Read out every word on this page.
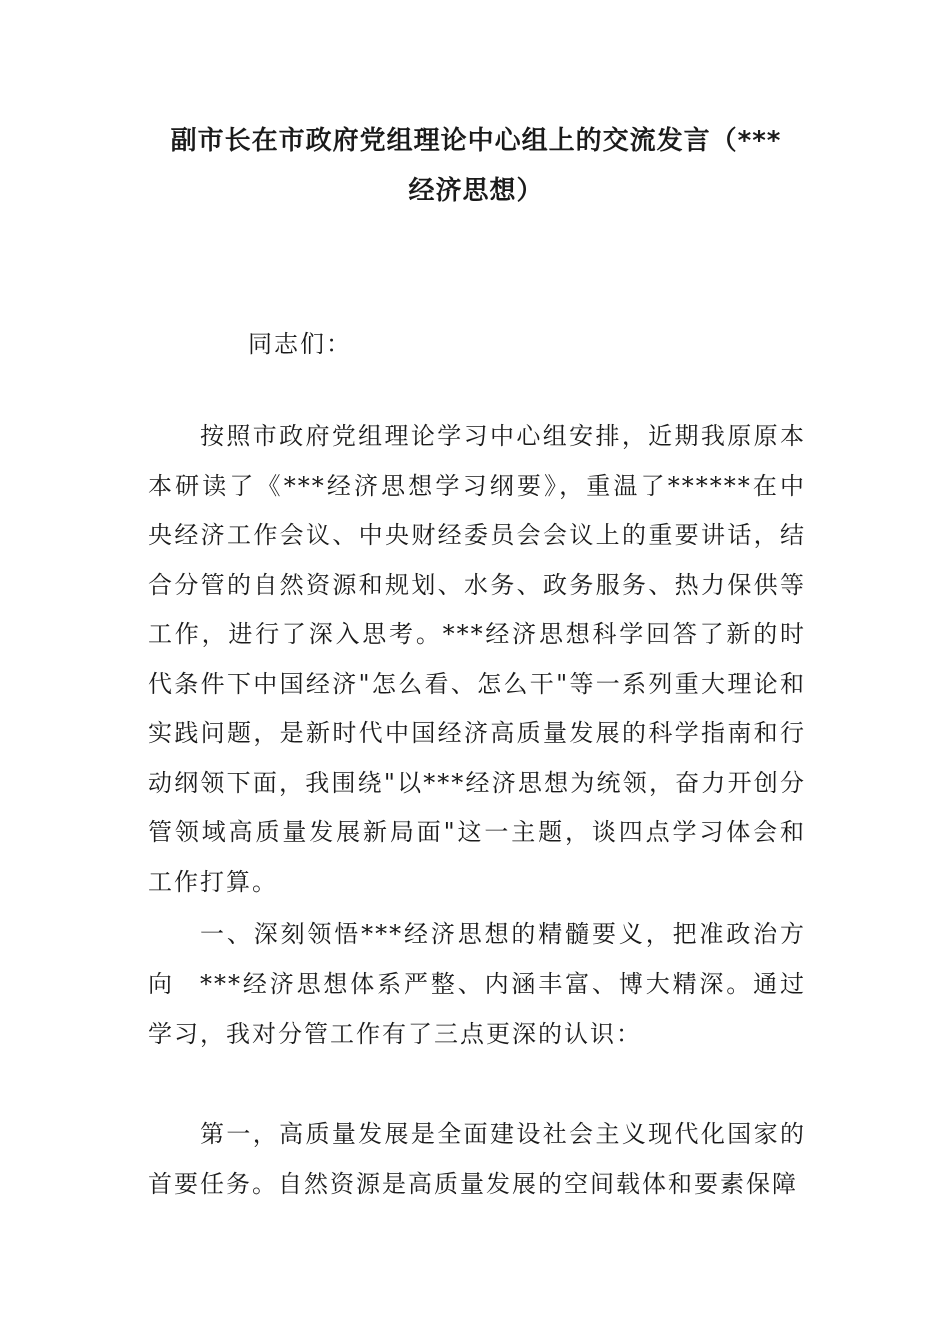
副市长在市政府党组理论中心组上的交流发言（***
经济思想）

同志们：

按照市政府党组理论学习中心组安排，近期我原原本本研读了《***经济思想学习纲要》，重温了******在中央经济工作会议、中央财经委员会会议上的重要讲话，结合分管的自然资源和规划、水务、政务服务、热力保供等工作，进行了深入思考。***经济思想科学回答了新的时代条件下中国经济"怎么看、怎么干"等一系列重大理论和实践问题，是新时代中国经济高质量发展的科学指南和行动纲领下面，我围绕"以***经济思想为统领，奋力开创分管领域高质量发展新局面"这一主题，谈四点学习体会和工作打算。

一、深刻领悟***经济思想的精髓要义，把准政治方向	***经济思想体系严整、内涵丰富、博大精深。通过学习，我对分管工作有了三点更深的认识：

第一，高质量发展是全面建设社会主义现代化国家的首要任务。自然资源是高质量发展的空间载体和要素保障
